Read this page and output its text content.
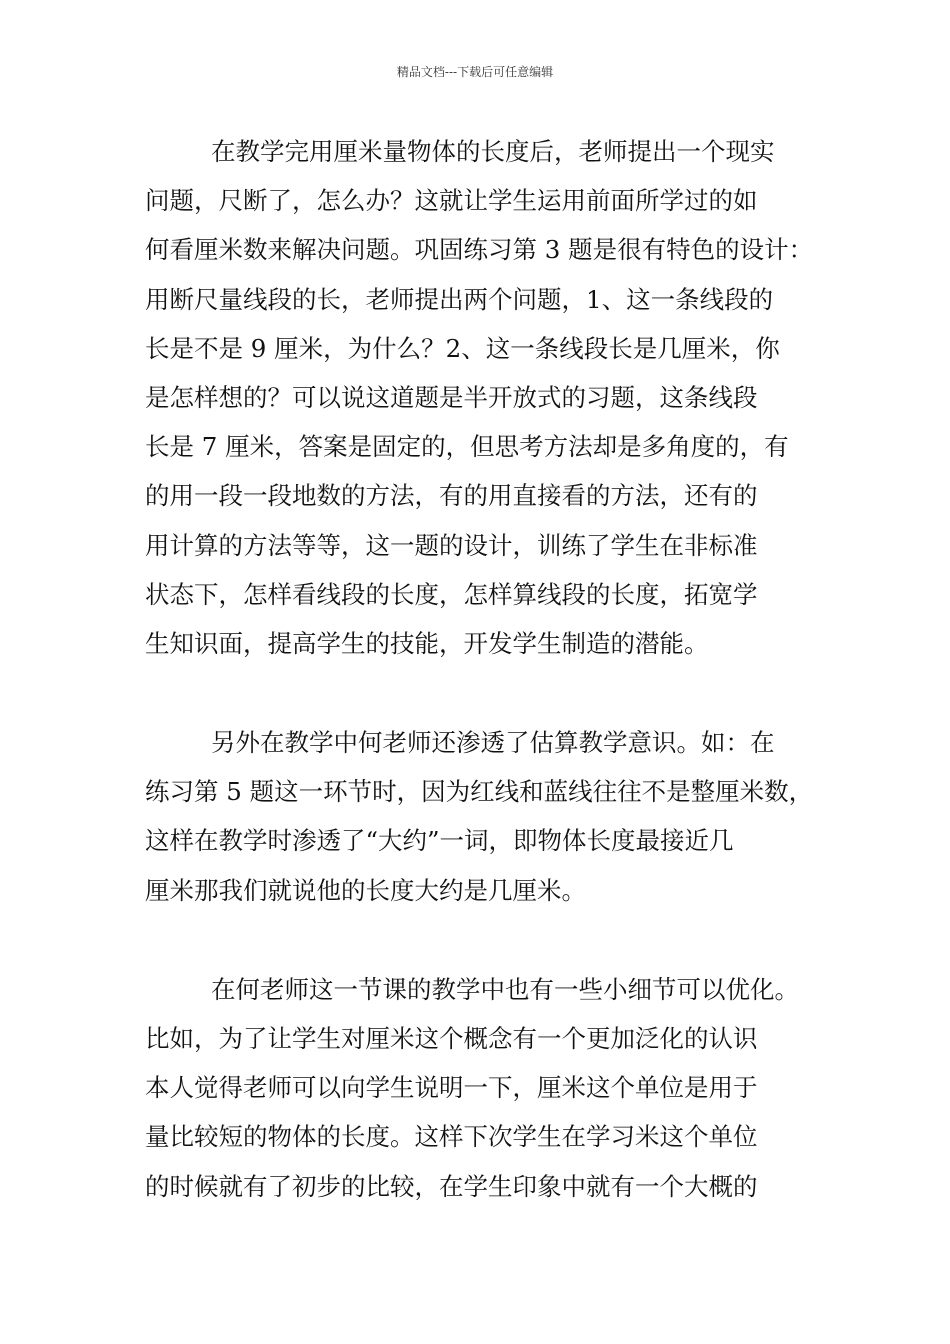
精品文档---下载后可任意编辑
在教学完用厘米量物体的长度后，老师提出一个现实
问题，尺断了，怎么办？这就让学生运用前面所学过的如
何看厘米数来解决问题。巩固练习第 3 题是很有特色的设计：
用断尺量线段的长，老师提出两个问题，1、这一条线段的
长是不是 9 厘米，为什么？2、这一条线段长是几厘米，你
是怎样想的？可以说这道题是半开放式的习题，这条线段
长是 7 厘米，答案是固定的，但思考方法却是多角度的，有
的用一段一段地数的方法，有的用直接看的方法，还有的
用计算的方法等等，这一题的设计，训练了学生在非标准
状态下，怎样看线段的长度，怎样算线段的长度，拓宽学
生知识面，提高学生的技能，开发学生制造的潜能。
另外在教学中何老师还渗透了估算教学意识。如：在
练习第 5 题这一环节时，因为红线和蓝线往往不是整厘米数，
这样在教学时渗透了“大约”一词，即物体长度最接近几
厘米那我们就说他的长度大约是几厘米。
在何老师这一节课的教学中也有一些小细节可以优化。
比如，为了让学生对厘米这个概念有一个更加泛化的认识
本人觉得老师可以向学生说明一下，厘米这个单位是用于
量比较短的物体的长度。这样下次学生在学习米这个单位
的时候就有了初步的比较，在学生印象中就有一个大概的
